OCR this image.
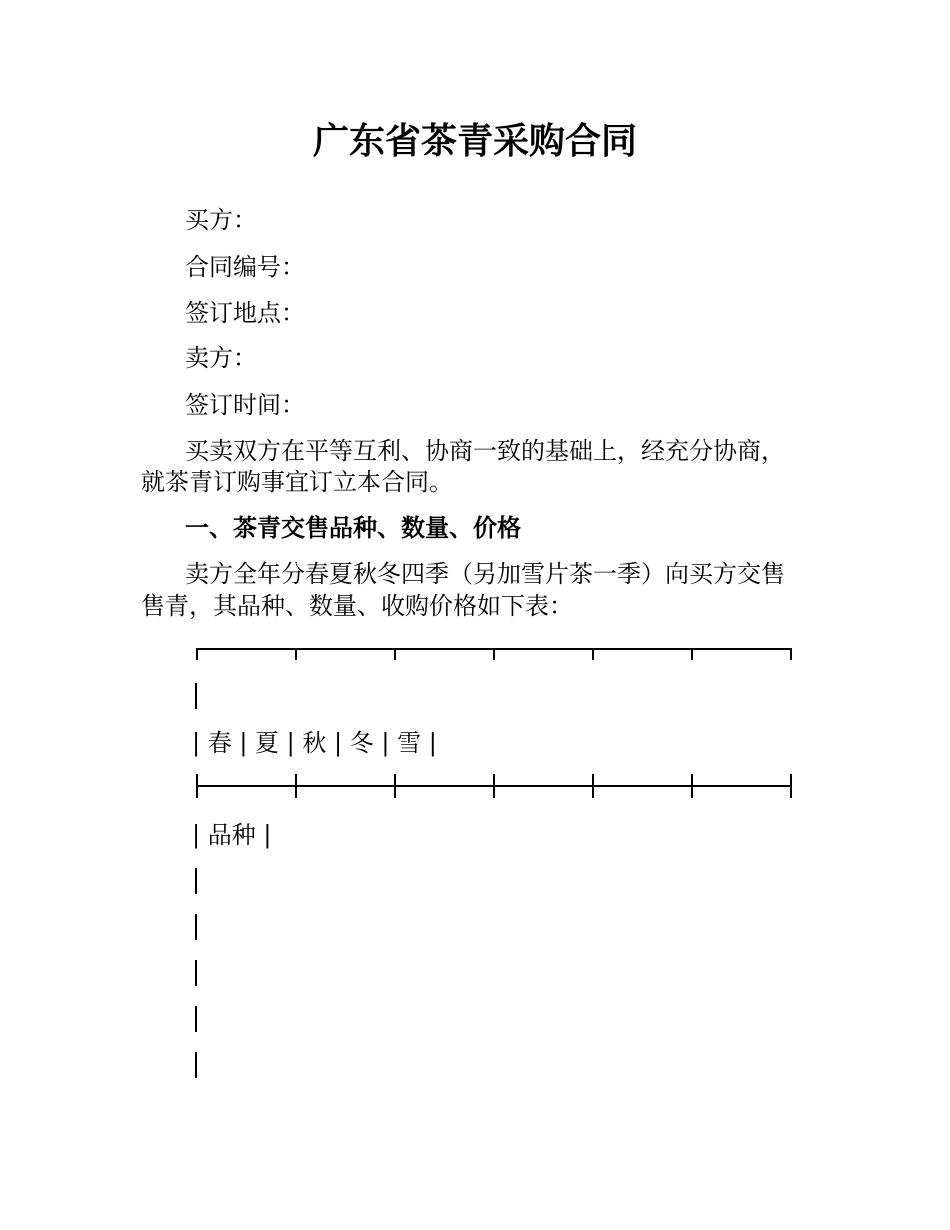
广东省茶青采购合同

买方：

合同编号：

签订地点：

卖方：

签订时间：

买卖双方在平等互利、协商一致的基础上，经充分协商，

就茶青订购事宜订立本合同。

一、茶青交售品种、数量、价格

卖方全年分春夏秋冬四季（另加雪片茶一季）向买方交售

售青，其品种、数量、收购价格如下表：

| 春 | 夏 | 秋 | 冬 | 雪 |
| 品种 |
